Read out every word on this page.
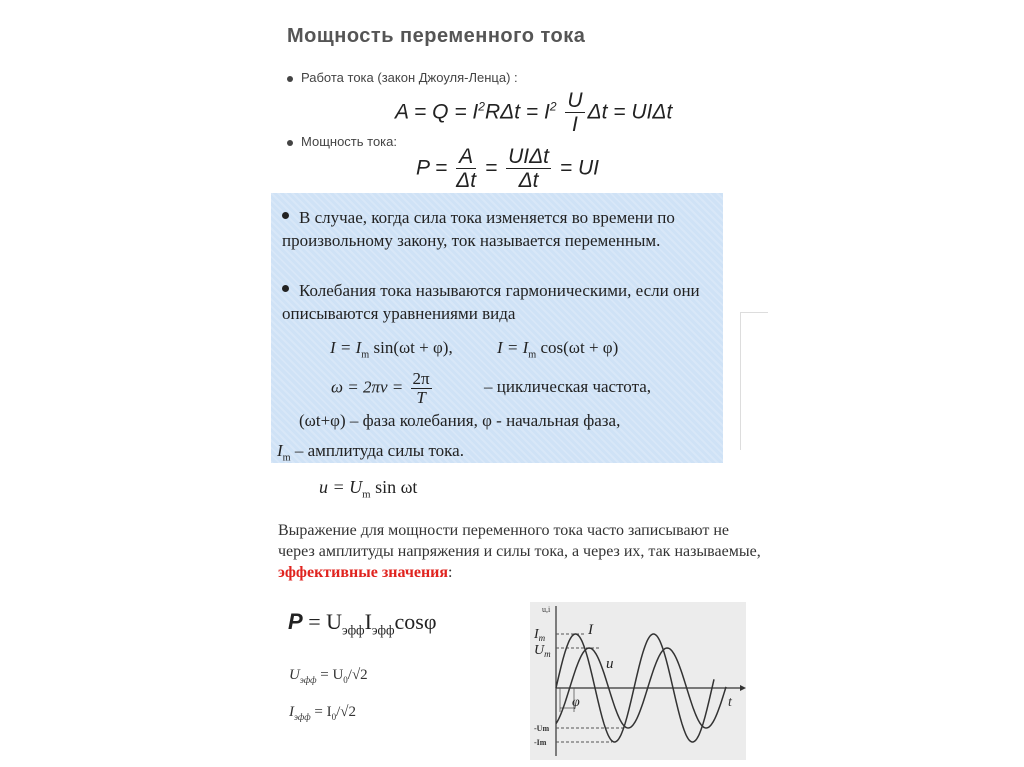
Мощность переменного тока
Работа тока (закон Джоуля-Ленца) :
$A = Q = I^2R\Delta t = I^2 \frac{U}{I}$ Δt = UIΔt
Мощность тока:
$P = \frac{A}{\Delta t} = \frac{\text{UIΔt}}{\Delta t}$ = UI
В случае, когда сила тока изменяется во времени по произвольному закону, ток называется переменным.
Колебания тока называются гармоническими, если они описываются уравнениями вида
$I = I_m$ sin(ωt + φ),	$I = I_m$ cos(ωt + φ)
$\omega = 2\pi\nu = \frac{2\pi}{T}$	– циклическая частота,
(ωt+φ) – фаза колебания, φ - начальная фаза,
$I_m$ – амплитуда силы тока.
$u = U_m$ sin ωt
Выражение для мощности переменного тока часто записывают не через амплитуды напряжения и силы тока, а через их, так называемые, эффективные значения:
$P = U_{эфф}I_{эфф}\cos\varphi$
$U_{эфф} = U_0/√2$
$I_{эфф} = I_0/√2$
u,i
t
$I_m$
$U_m$
I
u
φ
-Um
-Im
